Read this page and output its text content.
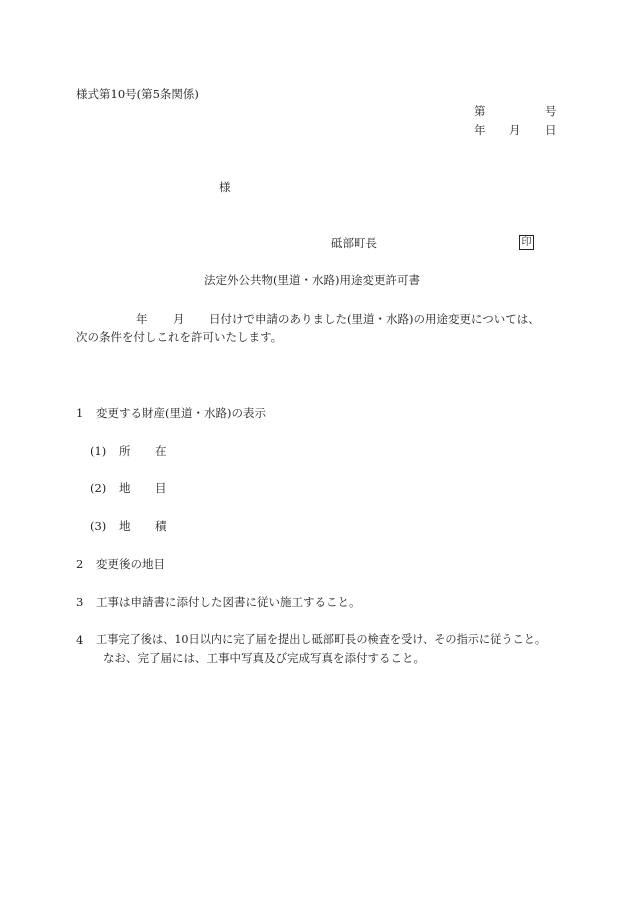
様式第10号(第5条関係)
第	号
年 月 日
様
砥部町長	印
法定外公共物(里道・水路)用途変更許可書
年 月 日付けで申請のありました(里道・水路)の用途変更については、
次の条件を付しこれを許可いたします。
1 変更する財産(里道・水路)の表示
(1) 所 在
(2) 地 目
(3) 地 積
2 変更後の地目
3 工事は申請書に添付した図書に従い施工すること。
4 工事完了後は、10日以内に完了届を提出し砥部町長の検査を受け、その指示に従うこと。
なお、完了届には、工事中写真及び完成写真を添付すること。
